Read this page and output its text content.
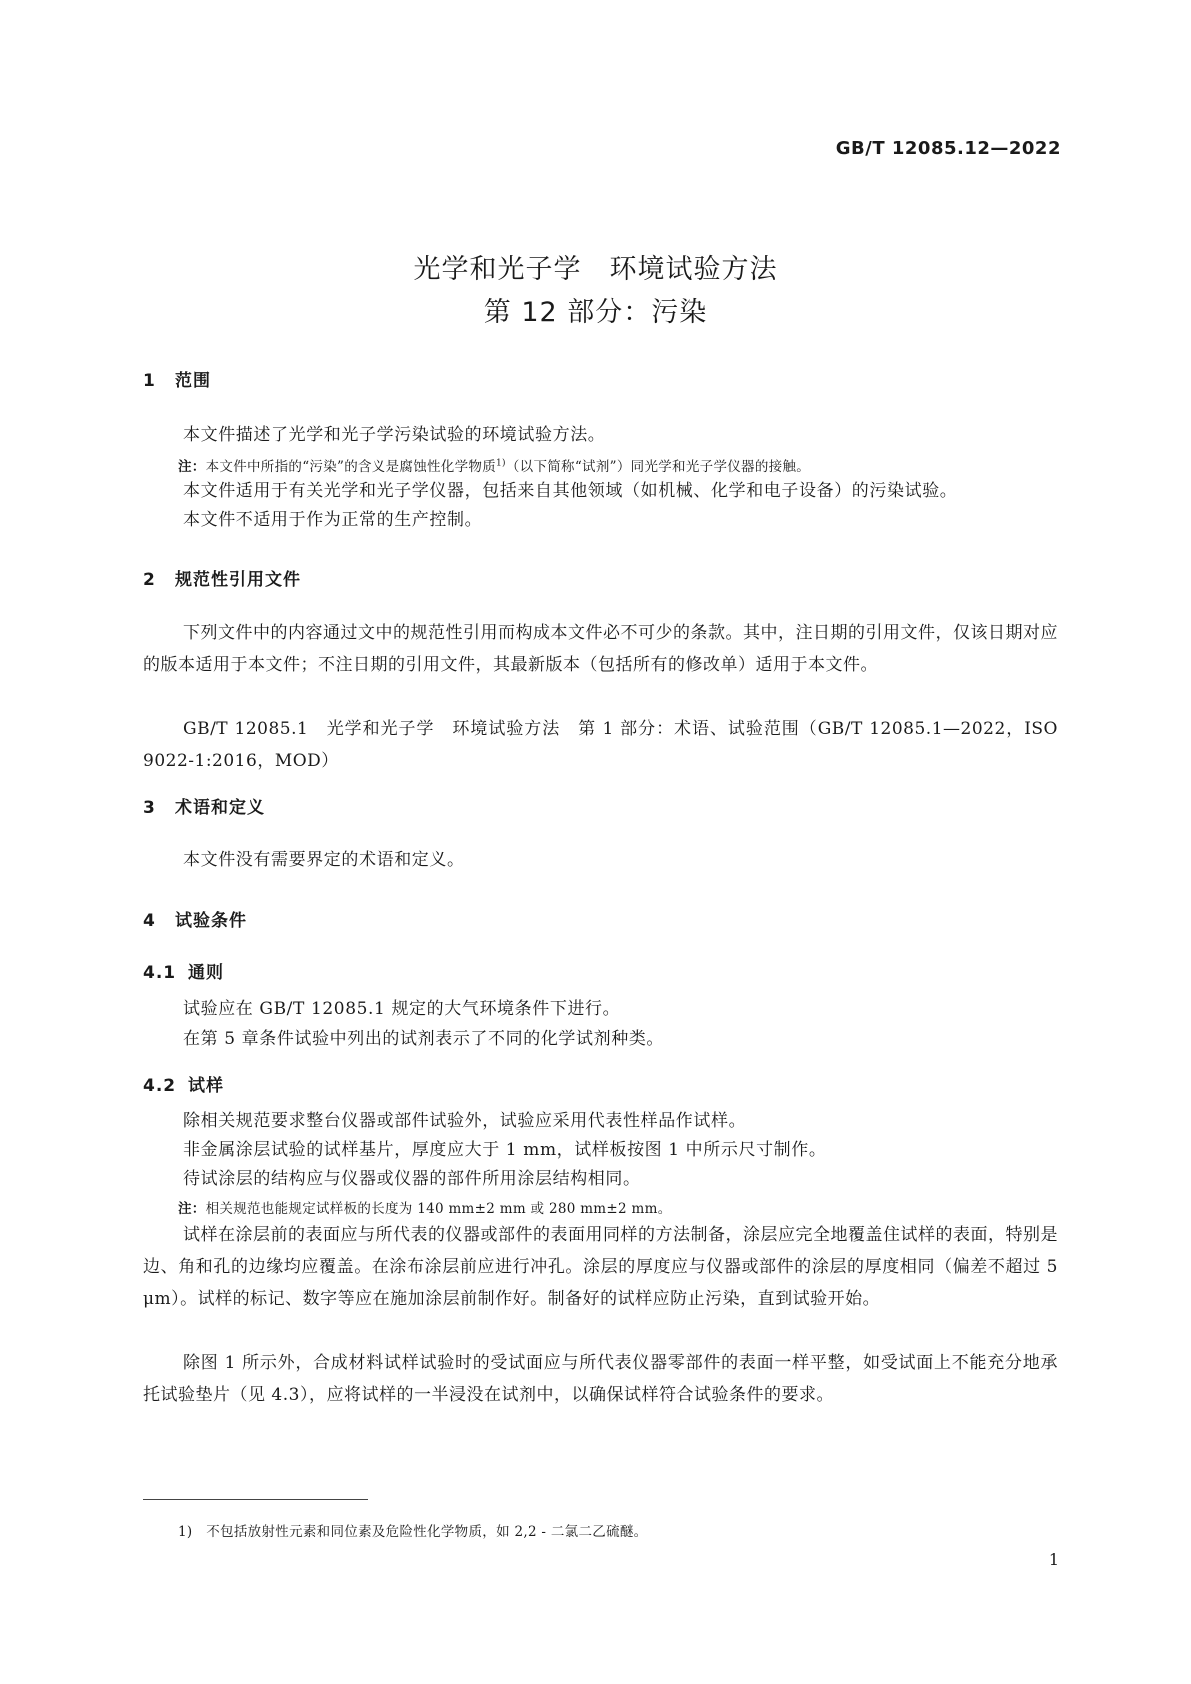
GB/T 12085.12—2022
光学和光子学　环境试验方法
第 12 部分：污染
1 范围
本文件描述了光学和光子学污染试验的环境试验方法。
注：本文件中所指的“污染”的含义是腐蚀性化学物质$^{1)}$（以下简称“试剂”）同光学和光子学仪器的接触。
本文件适用于有关光学和光子学仪器，包括来自其他领域（如机械、化学和电子设备）的污染试验。
本文件不适用于作为正常的生产控制。
2 规范性引用文件
下列文件中的内容通过文中的规范性引用而构成本文件必不可少的条款。其中，注日期的引用文件，仅该日期对应的版本适用于本文件；不注日期的引用文件，其最新版本（包括所有的修改单）适用于本文件。
GB/T 12085.1　光学和光子学　环境试验方法　第 1 部分：术语、试验范围（GB/T 12085.1—2022，ISO 9022-1:2016，MOD）
3 术语和定义
本文件没有需要界定的术语和定义。
4 试验条件
4.1 通则
试验应在 GB/T 12085.1 规定的大气环境条件下进行。
在第 5 章条件试验中列出的试剂表示了不同的化学试剂种类。
4.2 试样
除相关规范要求整台仪器或部件试验外，试验应采用代表性样品作试样。
非金属涂层试验的试样基片，厚度应大于 1 mm，试样板按图 1 中所示尺寸制作。
待试涂层的结构应与仪器或仪器的部件所用涂层结构相同。
注：相关规范也能规定试样板的长度为 140 mm±2 mm 或 280 mm±2 mm。
试样在涂层前的表面应与所代表的仪器或部件的表面用同样的方法制备，涂层应完全地覆盖住试样的表面，特别是边、角和孔的边缘均应覆盖。在涂布涂层前应进行冲孔。涂层的厚度应与仪器或部件的涂层的厚度相同（偏差不超过 5 μm）。试样的标记、数字等应在施加涂层前制作好。制备好的试样应防止污染，直到试验开始。
除图 1 所示外，合成材料试样试验时的受试面应与所代表仪器零部件的表面一样平整，如受试面上不能充分地承托试验垫片（见 4.3），应将试样的一半浸没在试剂中，以确保试样符合试验条件的要求。
1)　 不包括放射性元素和同位素及危险性化学物质，如 2,2 - 二氯二乙硫醚。
1
